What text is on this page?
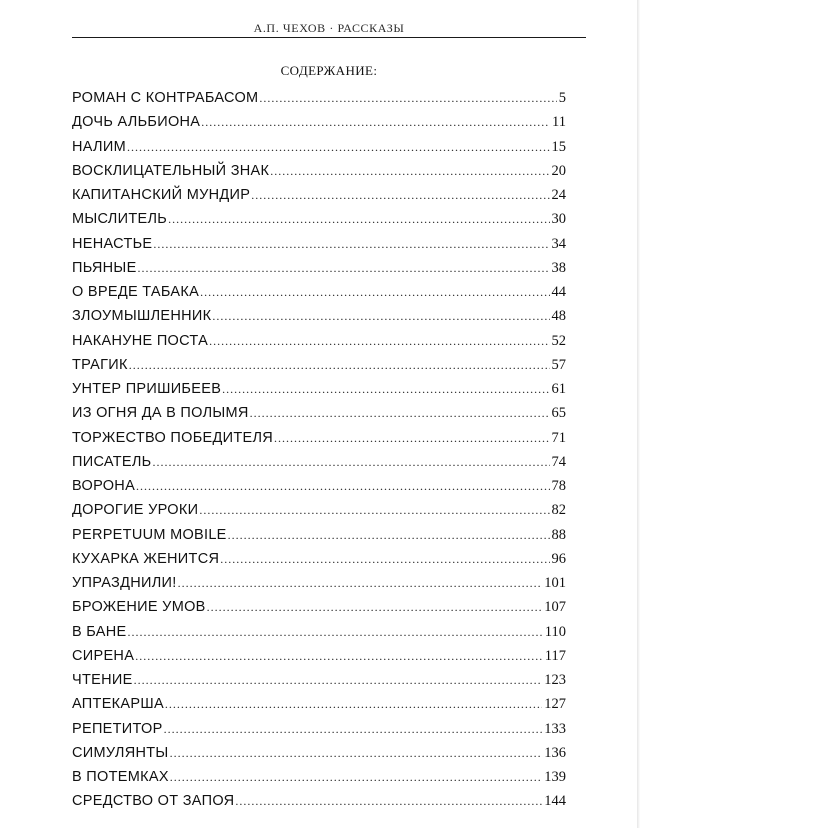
А.П. ЧЕХОВ · РАССКАЗЫ
СОДЕРЖАНИЕ:
РОМАН С КОНТРАБАСОМ .....	5
ДОЧЬ АЛЬБИОНА .....	11
НАЛИМ .....	15
ВОСКЛИЦАТЕЛЬНЫЙ ЗНАК .....	20
КАПИТАНСКИЙ МУНДИР .....	24
МЫСЛИТЕЛЬ .....	30
НЕНАСТЬЕ .....	34
ПЬЯНЫЕ .....	38
О ВРЕДЕ ТАБАКА .....	44
ЗЛОУМЫШЛЕННИК .....	48
НАКАНУНЕ ПОСТА .....	52
ТРАГИК .....	57
УНТЕР ПРИШИБЕЕВ .....	61
ИЗ ОГНЯ ДА В ПОЛЫМЯ .....	65
ТОРЖЕСТВО ПОБЕДИТЕЛЯ .....	71
ПИСАТЕЛЬ .....	74
ВОРОНА .....	78
ДОРОГИЕ УРОКИ .....	82
PERPETUUM MOBILE .....	88
КУХАРКА ЖЕНИТСЯ .....	96
УПРАЗДНИЛИ! .....	101
БРОЖЕНИЕ УМОВ .....	107
В БАНЕ .....	110
СИРЕНА .....	117
ЧТЕНИЕ .....	123
АПТЕКАРША .....	127
РЕПЕТИТОР .....	133
СИМУЛЯНТЫ .....	136
В ПОТЕМКАХ .....	139
СРЕДСТВО ОТ ЗАПОЯ .....	144
